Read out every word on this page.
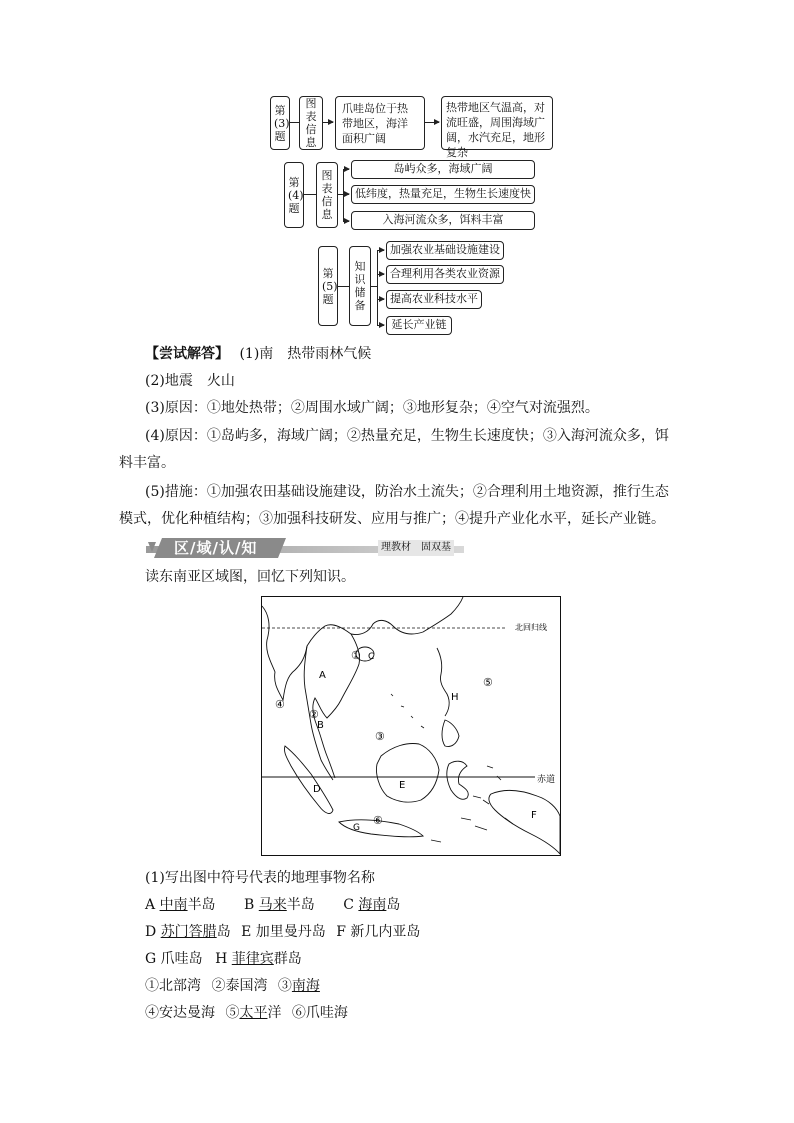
第(3)题
图表信息
爪哇岛位于热带地区，海洋面积广阔
热带地区气温高，对流旺盛，周围海域广阔，水汽充足，地形复杂
第(4)题
图表信息
岛屿众多，海域广阔
低纬度，热量充足，生物生长速度快
入海河流众多，饵料丰富
第(5)题
知识储备
加强农业基础设施建设
合理利用各类农业资源
提高农业科技水平
延长产业链
【尝试解答】 (1)南　热带雨林气候
(2)地震　火山
(3)原因：①地处热带；②周围水域广阔；③地形复杂；④空气对流强烈。
(4)原因：①岛屿多，海域广阔；②热量充足，生物生长速度快；③入海河流众多，饵
料丰富。
(5)措施：①加强农田基础设施建设，防治水土流失；②合理利用土地资源，推行生态
模式，优化种植结构；③加强科技研发、应用与推广；④提升产业化水平，延长产业链。
区/域/认/知	理教材　固双基
读东南亚区域图，回忆下列知识。
北回归线
赤道
A
B
C
D	E
F
G
H
①
②
③
④
⑤
⑥
(1)写出图中符号代表的地理事物名称
A 中南半岛 B 马来半岛 C 海南岛
D 苏门答腊岛 E 加里曼丹岛 F 新几内亚岛
G 爪哇岛 H 菲律宾群岛
①北部湾 ②泰国湾 ③南海
④安达曼海 ⑤太平洋 ⑥爪哇海
